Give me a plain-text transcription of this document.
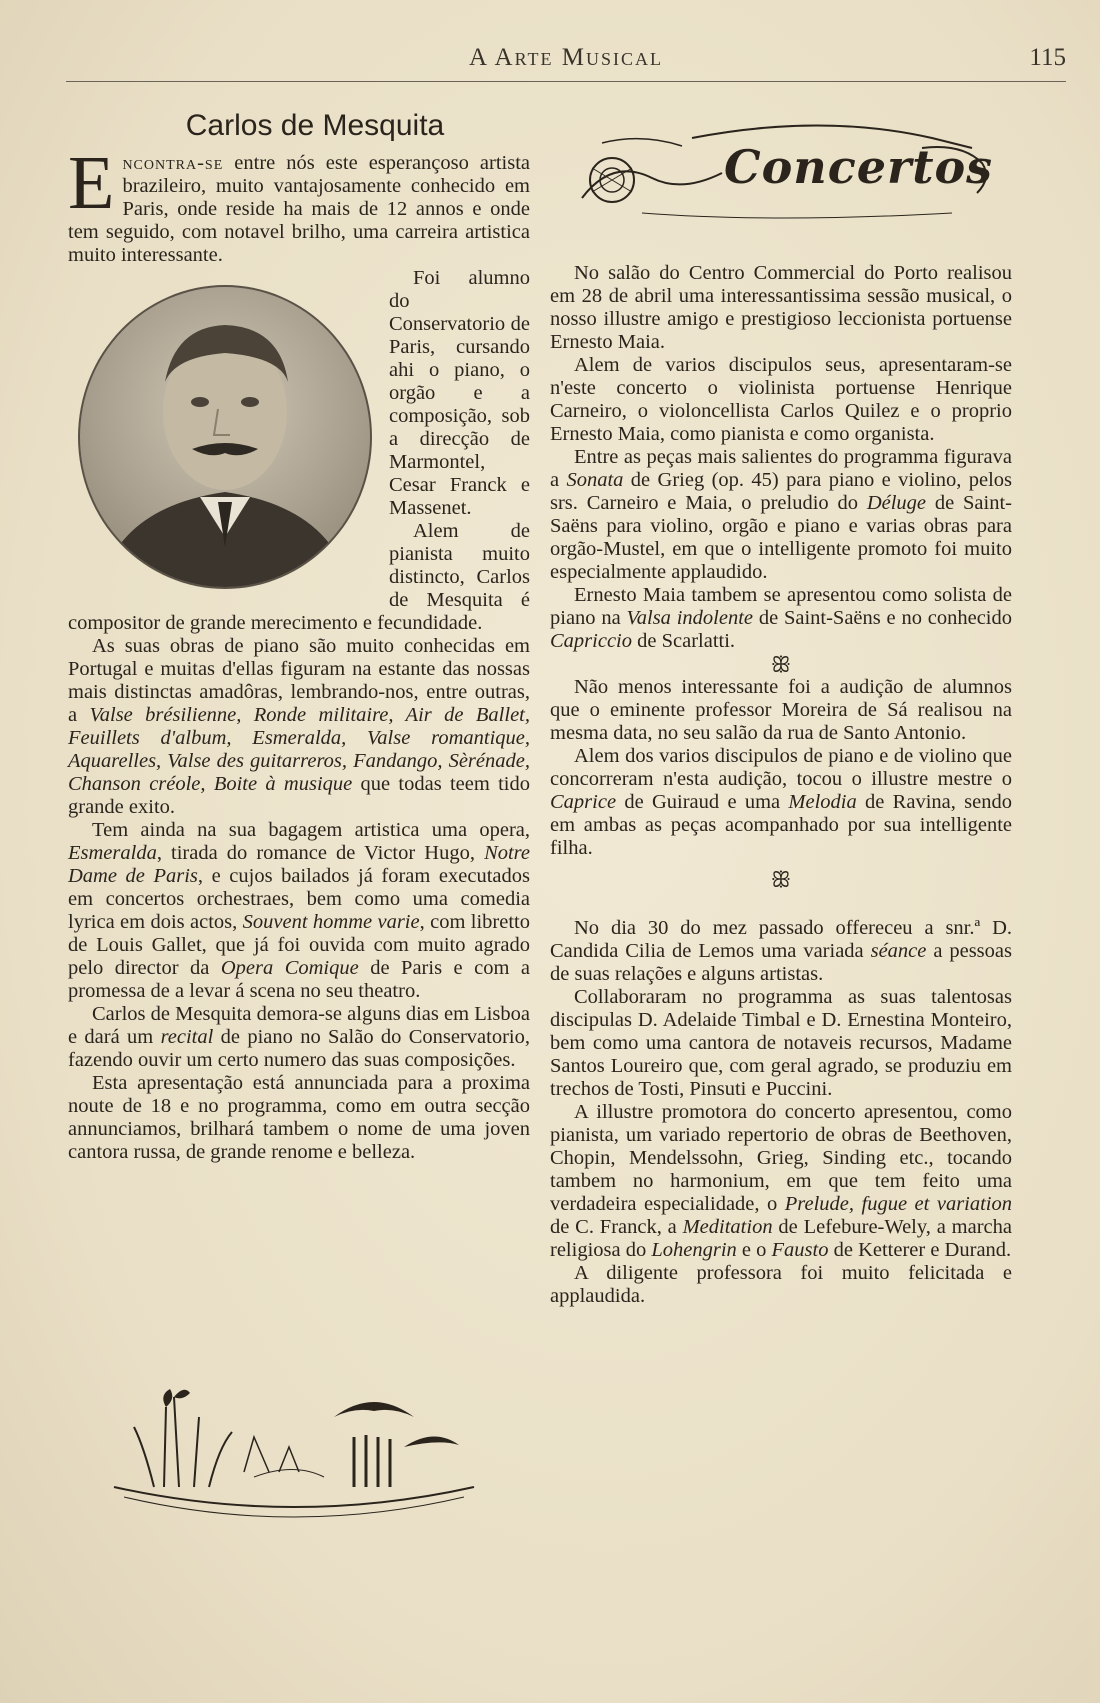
A Arte Musical	115
Carlos de Mesquita

Encontra-se entre nós este esperançoso artista brazileiro, muito vantajosamente conhecido em Paris, onde reside ha mais de 12 annos e onde tem seguido, com notavel brilho, uma carreira artistica muito interessante.

Foi alumno do Conservatorio de Paris, cursando ahi o piano, o orgão e a composição, sob a direcção de Marmontel, Cesar Franck e Massenet.

Alem de pianista muito distincto, Carlos de Mesquita é compositor de grande merecimento e fecundidade.

As suas obras de piano são muito conhecidas em Portugal e muitas d'ellas figuram na estante das nossas mais distinctas amadôras, lembrando-nos, entre outras, a Valse brésilienne, Ronde militaire, Air de Ballet, Feuillets d'album, Esmeralda, Valse romantique, Aquarelles, Valse des guitarreros, Fandango, Sèrénade, Chanson créole, Boite à musique que todas teem tido grande exito.

Tem ainda na sua bagagem artistica uma opera, Esmeralda, tirada do romance de Victor Hugo, Notre Dame de Paris, e cujos bailados já foram executados em concertos orchestraes, bem como uma comedia lyrica em dois actos, Souvent homme varie, com libretto de Louis Gallet, que já foi ouvida com muito agrado pelo director da Opera Comique de Paris e com a promessa de a levar á scena no seu theatro.

Carlos de Mesquita demora-se alguns dias em Lisboa e dará um recital de piano no Salão do Conservatorio, fazendo ouvir um certo numero das suas composições.

Esta apresentação está annunciada para a proxima noute de 18 e no programma, como em outra secção annunciamos, brilhará tambem o nome de uma joven cantora russa, de grande renome e belleza.

Concertos

No salão do Centro Commercial do Porto realisou em 28 de abril uma interessantissima sessão musical, o nosso illustre amigo e prestigioso leccionista portuense Ernesto Maia.

Alem de varios discipulos seus, apresentaram-se n'este concerto o violinista portuense Henrique Carneiro, o violoncellista Carlos Quilez e o proprio Ernesto Maia, como pianista e como organista.

Entre as peças mais salientes do programma figurava a Sonata de Grieg (op. 45) para piano e violino, pelos srs. Carneiro e Maia, o preludio do Déluge de Saint-Saëns para violino, orgão e piano e varias obras para orgão-Mustel, em que o intelligente promoto foi muito especialmente applaudido.

Ernesto Maia tambem se apresentou como solista de piano na Valsa indolente de Saint-Saëns e no conhecido Capriccio de Scarlatti.

ꕥ

Não menos interessante foi a audição de alumnos que o eminente professor Moreira de Sá realisou na mesma data, no seu salão da rua de Santo Antonio.

Alem dos varios discipulos de piano e de violino que concorreram n'esta audição, tocou o illustre mestre o Caprice de Guiraud e uma Melodia de Ravina, sendo em ambas as peças acompanhado por sua intelligente filha.

ꕥ

No dia 30 do mez passado offereceu a snr.ª D. Candida Cilia de Lemos uma variada séance a pessoas de suas relações e alguns artistas.

Collaboraram no programma as suas talentosas discipulas D. Adelaide Timbal e D. Ernestina Monteiro, bem como uma cantora de notaveis recursos, Madame Santos Loureiro que, com geral agrado, se produziu em trechos de Tosti, Pinsuti e Puccini.

A illustre promotora do concerto apresentou, como pianista, um variado repertorio de obras de Beethoven, Chopin, Mendelssohn, Grieg, Sinding etc., tocando tambem no harmonium, em que tem feito uma verdadeira especialidade, o Prelude, fugue et variation de C. Franck, a Meditation de Lefebure-Wely, a marcha religiosa do Lohengrin e o Fausto de Ketterer e Durand.

A diligente professora foi muito felicitada e applaudida.
